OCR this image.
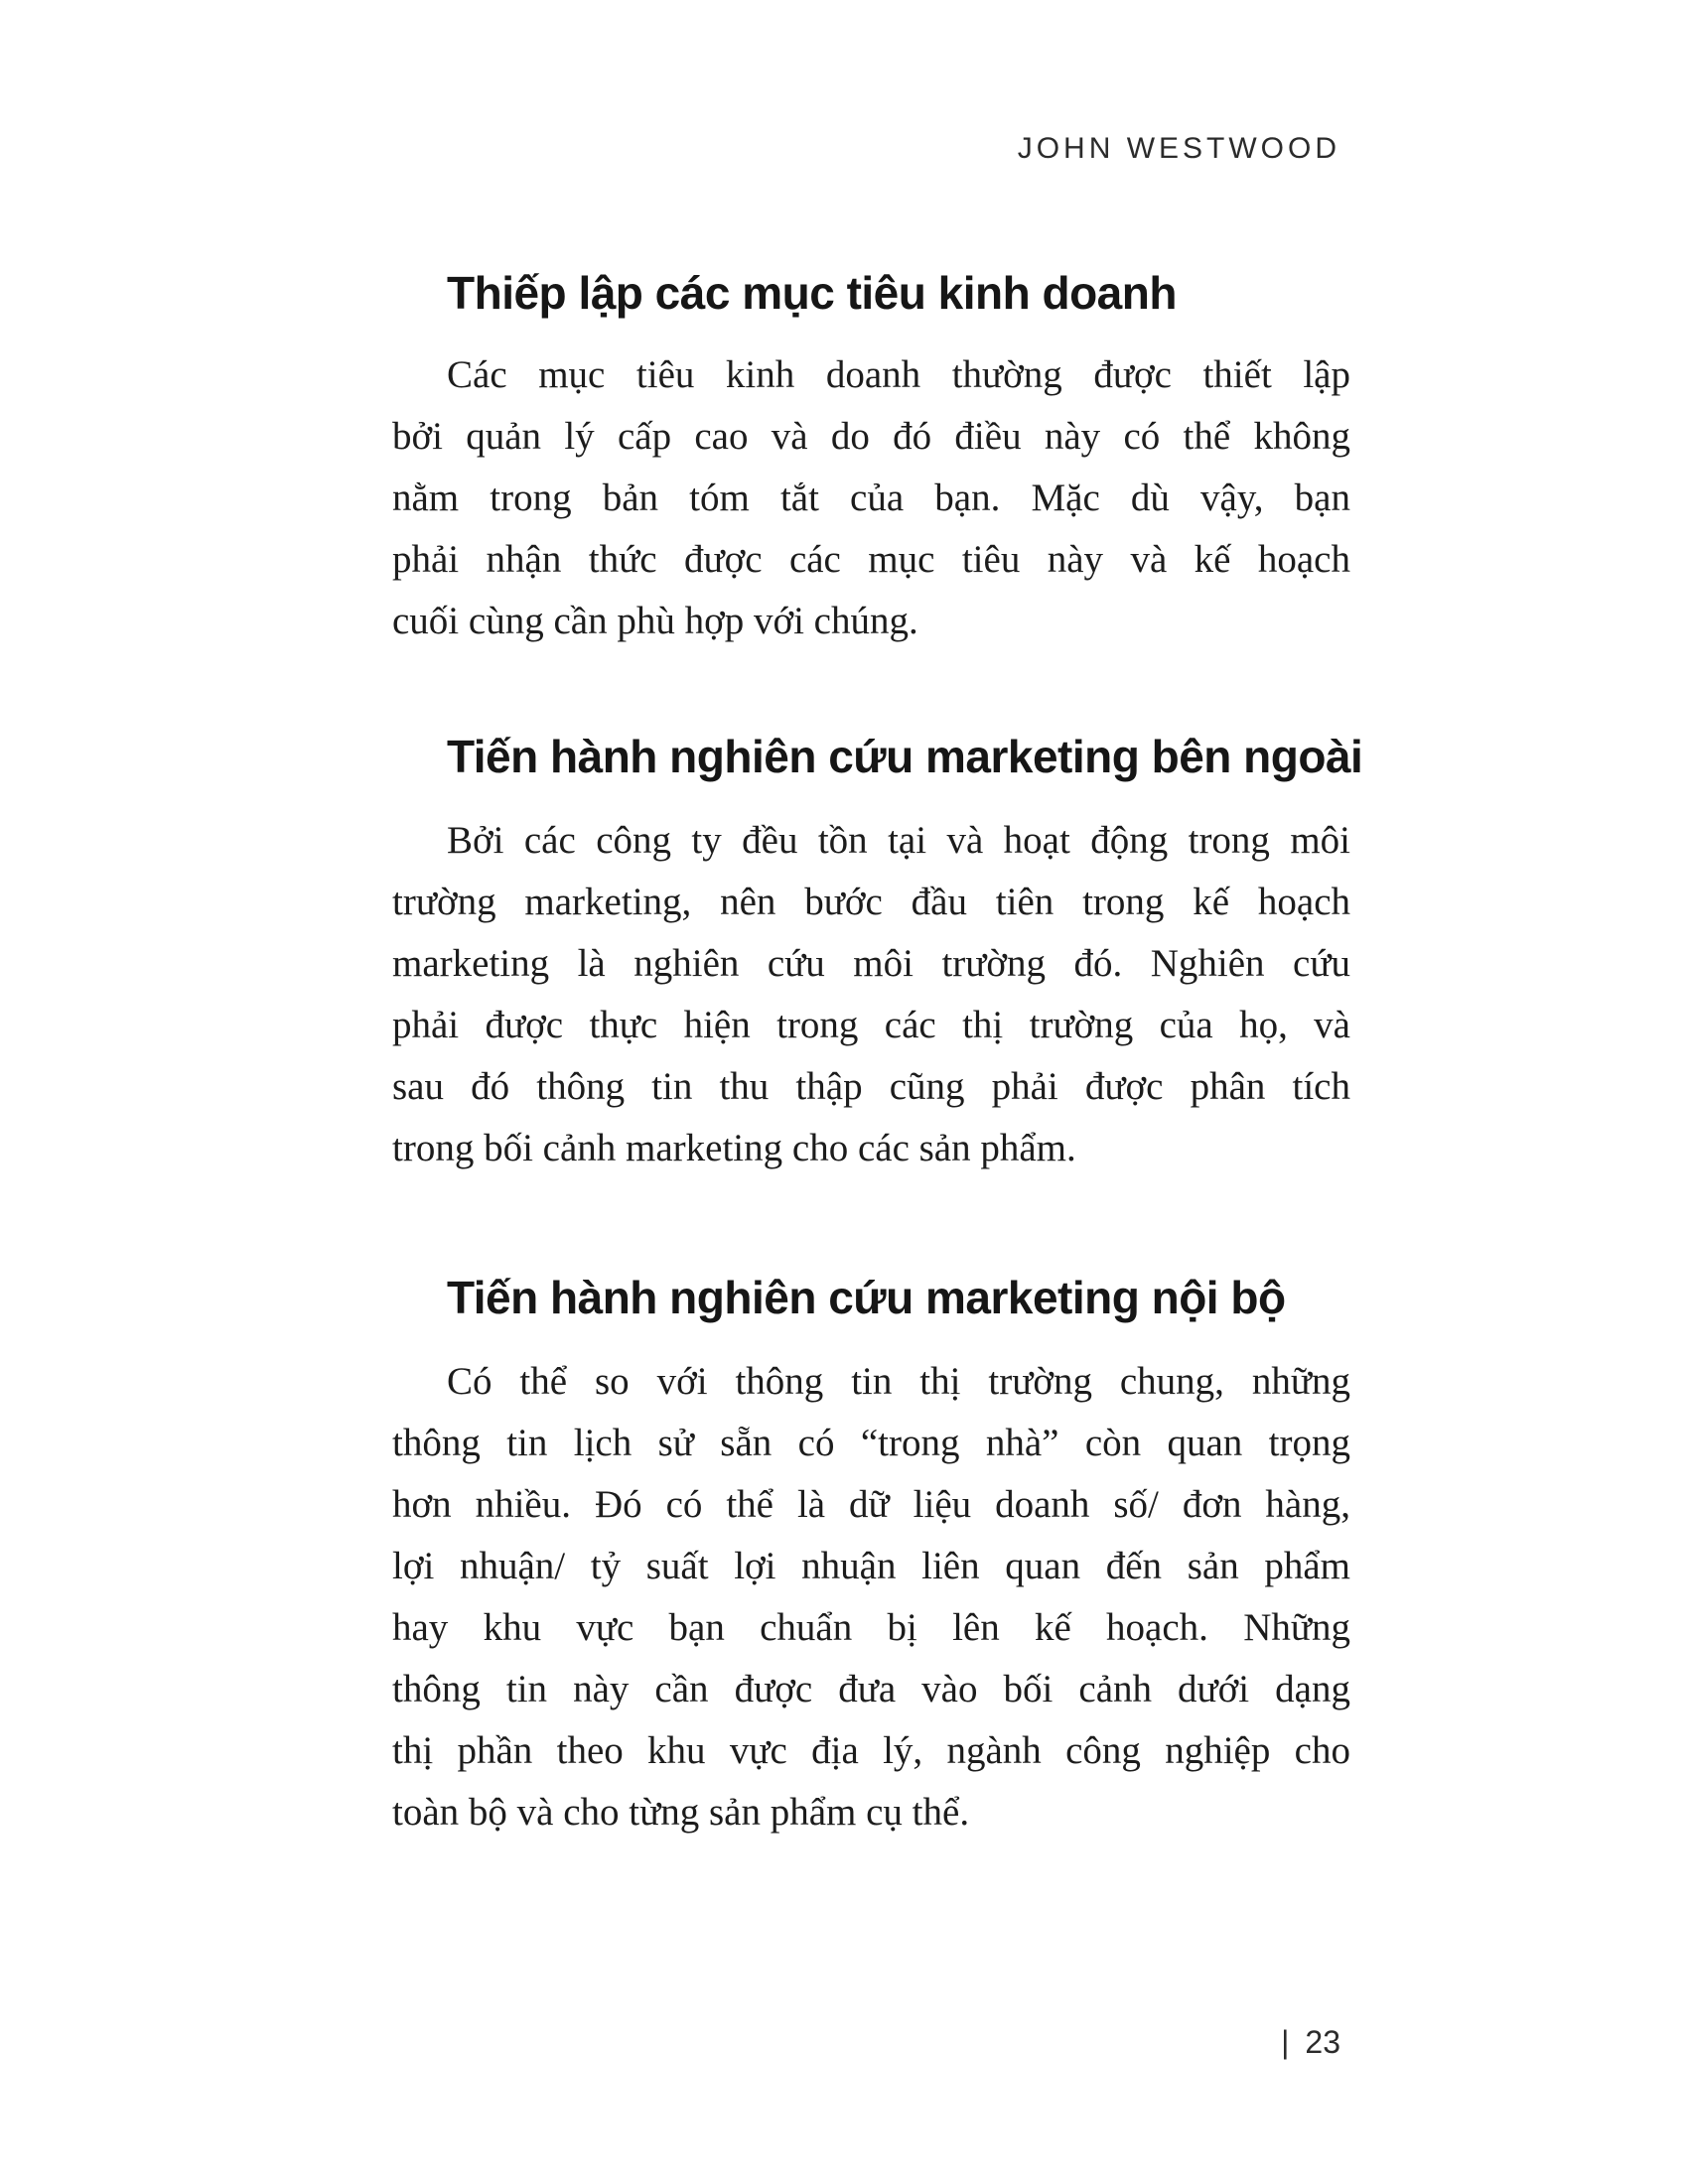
JOHN WESTWOOD
Thiếp lập các mục tiêu kinh doanh
Các mục tiêu kinh doanh thường được thiết lập
bởi quản lý cấp cao và do đó điều này có thể không
nằm trong bản tóm tắt của bạn. Mặc dù vậy, bạn
phải nhận thức được các mục tiêu này và kế hoạch
cuối cùng cần phù hợp với chúng.
Tiến hành nghiên cứu marketing bên ngoài
Bởi các công ty đều tồn tại và hoạt động trong môi
trường marketing, nên bước đầu tiên trong kế hoạch
marketing là nghiên cứu môi trường đó. Nghiên cứu
phải được thực hiện trong các thị trường của họ, và
sau đó thông tin thu thập cũng phải được phân tích
trong bối cảnh marketing cho các sản phẩm.
Tiến hành nghiên cứu marketing nội bộ
Có thể so với thông tin thị trường chung, những
thông tin lịch sử sẵn có “trong nhà” còn quan trọng
hơn nhiều. Đó có thể là dữ liệu doanh số/ đơn hàng,
lợi nhuận/ tỷ suất lợi nhuận liên quan đến sản phẩm
hay khu vực bạn chuẩn bị lên kế hoạch. Những
thông tin này cần được đưa vào bối cảnh dưới dạng
thị phần theo khu vực địa lý, ngành công nghiệp cho
toàn bộ và cho từng sản phẩm cụ thể.
| 23
